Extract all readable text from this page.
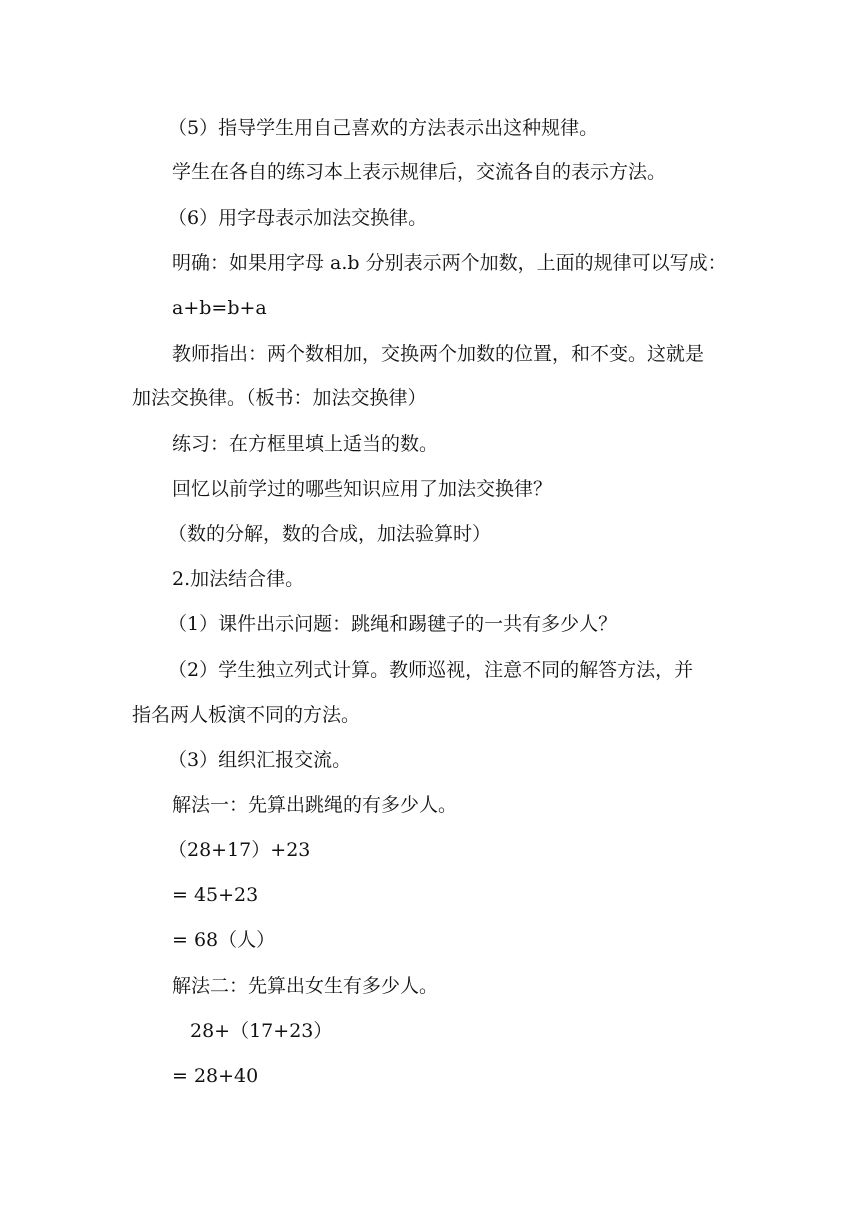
（5）指导学生用自己喜欢的方法表示出这种规律。

学生在各自的练习本上表示规律后，交流各自的表示方法。

（6）用字母表示加法交换律。

明确：如果用字母 a.b 分别表示两个加数，上面的规律可以写成：

a+b=b+a

教师指出：两个数相加，交换两个加数的位置，和不变。这就是

加法交换律。（板书：加法交换律）

练习：在方框里填上适当的数。

回忆以前学过的哪些知识应用了加法交换律？

（数的分解，数的合成，加法验算时）

2.加法结合律。

（1）课件出示问题：跳绳和踢毽子的一共有多少人？

（2）学生独立列式计算。教师巡视，注意不同的解答方法，并

指名两人板演不同的方法。

（3）组织汇报交流。

解法一：先算出跳绳的有多少人。

（28+17）+23

= 45+23

= 68（人）

解法二：先算出女生有多少人。

28+（17+23）

= 28+40
